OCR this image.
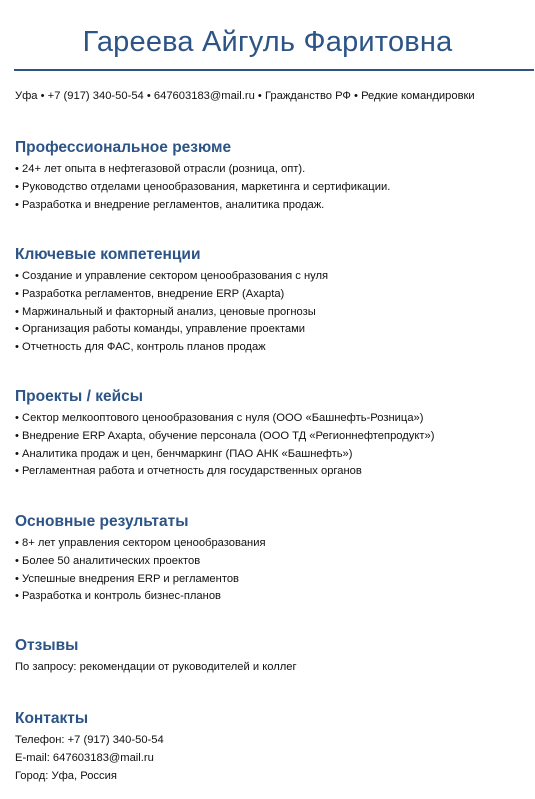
Гареева Айгуль Фаритовна
Уфа • +7 (917) 340-50-54 • 647603183@mail.ru • Гражданство РФ • Редкие командировки
Профессиональное резюме
• 24+ лет опыта в нефтегазовой отрасли (розница, опт).
• Руководство отделами ценообразования, маркетинга и сертификации.
• Разработка и внедрение регламентов, аналитика продаж.
Ключевые компетенции
• Создание и управление сектором ценообразования с нуля
• Разработка регламентов, внедрение ERP (Axapta)
• Маржинальный и факторный анализ, ценовые прогнозы
• Организация работы команды, управление проектами
• Отчетность для ФАС, контроль планов продаж
Проекты / кейсы
• Сектор мелкооптового ценообразования с нуля (ООО «Башнефть-Розница»)
• Внедрение ERP Axapta, обучение персонала (ООО ТД «Регионнефтепродукт»)
• Аналитика продаж и цен, бенчмаркинг (ПАО АНК «Башнефть»)
• Регламентная работа и отчетность для государственных органов
Основные результаты
• 8+ лет управления сектором ценообразования
• Более 50 аналитических проектов
• Успешные внедрения ERP и регламентов
• Разработка и контроль бизнес-планов
Отзывы
По запросу: рекомендации от руководителей и коллег
Контакты
Телефон: +7 (917) 340-50-54
E-mail: 647603183@mail.ru
Город: Уфа, Россия
